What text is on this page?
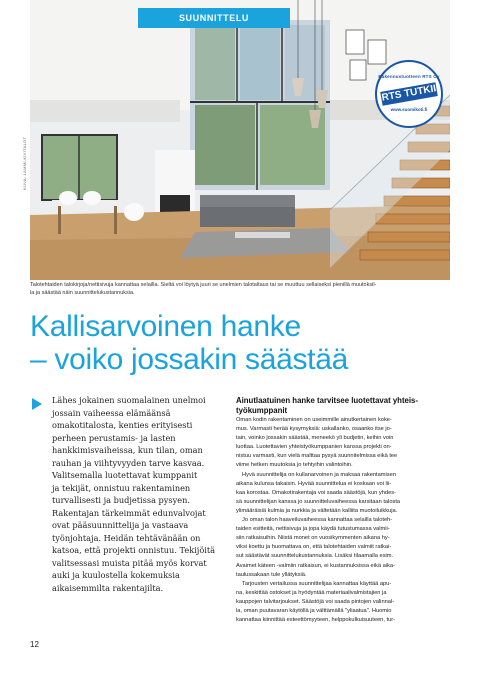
KUVA: LAMMI-KIVITALOT
SUUNNITTELU
Rakennustuotteen RTS Oy
RTS TUTKII
www.suomikoti.fi
Talotehtaiden talokirjoja/nettisivuja kannattaa selailla. Sieltä voi löytyä juuri se unelmien talotaltaus tai se muuttuu sellaiseksi pienillä muutoksil-
la ja säästää näin suunnittelukustannuksia.
Kallisarvoinen hanke
– voiko jossakin säästää

Lähes jokainen suomalainen unelmoi
jossain vaiheessa elämäänsä
omakotitalosta, kenties erityisesti
perheen perustamis- ja lasten
hankkimisvaiheissa, kun tilan, oman
rauhan ja viihtyvyyden tarve kasvaa.
Valitsemalla luotettavat kumppanit
ja tekijät, onnistuu rakentaminen
turvallisesti ja budjetissa pysyen.
Rakentajan tärkeimmät edunvalvojat
ovat pääsuunnittelija ja vastaava
työnjohtaja. Heidän tehtävänään on
katsoa, että projekti onnistuu. Tekijöitä
valitsessasi muista pitää myös korvat
auki ja kuulostella kokemuksia
aikaisemmilta rakentajilta.

Ainutlaatuinen hanke tarvitsee luotettavat yhteis-
työkumppanit

Oman kodin rakentaminen on useimmille ainutkertainen koke-
mus. Varmasti herää kysymyksiä: uskallanko, osaanko itse jo-
tain, voinko jossakin säästää, meneekö yli budjetin, keihin voin
luottaa. Luotettavien yhteistyökumppanien kanssa projekti on-
nistuu varmasti, kun vielä malttaa pysyä suunnitelmissa eikä tee
viime hetken muutoksia jo tehtyihin valintoihin.

Hyvä suunnittelija on kullanarvoinen ja maksaa rakentamisen
aikana kulunsa takaisin. Hyvää suunnittelua ei koskaan voi lii-
kaa korostaa. Omakotirakentaja voi saada säästöjä, kun yhdes-
sä suunnittelijan kanssa jo suunnitteluvaiheessa karsitaan talosta
ylimääräisiä kulmia ja nurkkia ja vältetään kalliita muotoiluikkuja.

Jo oman talon haaveiluvaiheessa kannattaa selailla taloteh-
taiden esitteitä, nettisivuja ja jopa käydä tutustumassa valmii-
siin ratkaisuihin. Niistä monet on vuosikymmenten aikana hy-
viksi koettu ja huomattava on, että talotehtaiden valmiit ratkai-
sut säästävät suunnittelukustannuksia. Lisäksi tilaamalla esim.
Avaimet käteen -valmiin ratkaisun, ei kustannuksissa eikä aika-
taulussakaan tule yllätyksiä.

Tarjousten vertailussa suunnittelijaa kannattaa käyttää apu-
na, keskittää ostokset ja hyödyntää materiaalivalmistajien ja
kauppojen talvitarjoukset. Säästöjä voi saada pintojen valinnal-
la, oman puutavaran käytöllä ja välttämällä "yliaatua". Huomio
kannattaa kiinnittää esteettömyyteen, helppokulkuisuuteen, tur-

12
